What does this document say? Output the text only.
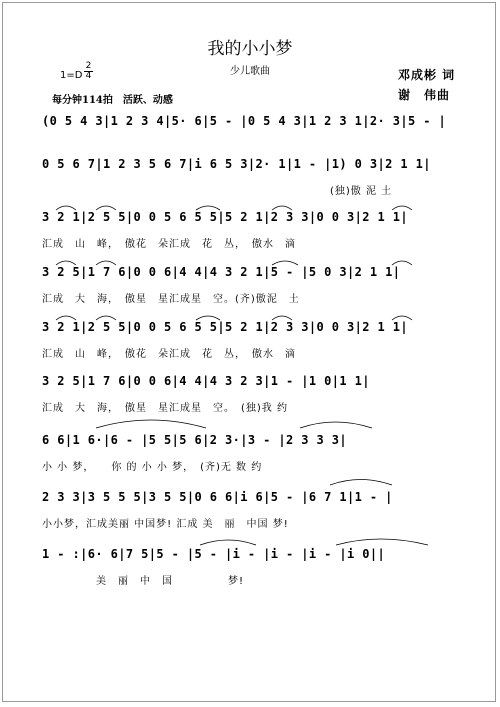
我的小小梦
少儿歌曲	邓成彬 词
谢　伟曲
1=D
2
4
每分钟114拍　活跃、动感
(0 5 4 3|1 2 3 4|5· 6|5 - |0 5 4 3|1 2 3 1|2· 3|5 - |
0 5 6 7|1 2 3 5 6 7|i 6 5 3|2· 1|1 - |1) 0 3|2 1 1|
(独)傲 泥 土
3 2 1|2 5 5|0 0 5 6 5 5|5 2 1|2 3 3|0 0 3|2 1 1|
汇成　山　峰，　傲花　朵汇成　花　丛，　傲水　滴
3 2 5|1 7 6|0 0 6|4 4|4 3 2 1|5 - |5 0 3|2 1 1|
汇成　大　海，　傲星　星汇成星　空。(齐)傲泥　土
3 2 1|2 5 5|0 0 5 6 5 5|5 2 1|2 3 3|0 0 3|2 1 1|
汇成　山　峰，　傲花　朵汇成　花　丛，　傲水　滴
3 2 5|1 7 6|0 0 6|4 4|4 3 2 3|1 - |1 0|1 1|
汇成　大　海，　傲星　星汇成星　空。　(独)我 约
6 6|1 6·|6 - |5 5|5 6|2 3·|3 - |2 3 3 3|
小 小 梦，　　你 的 小 小 梦，　(齐)无 数 约
2 3 3|3 5 5 5|3 5 5|0 6 6|i 6|5 - |6 7 1|1 - |
小小梦，汇成美丽 中国梦! 汇成 美　丽　中国 梦!
1 - :|6· 6|7 5|5 - |5 - |i - |i - |i - |i 0||
美　丽　中　国　　　　　梦!
